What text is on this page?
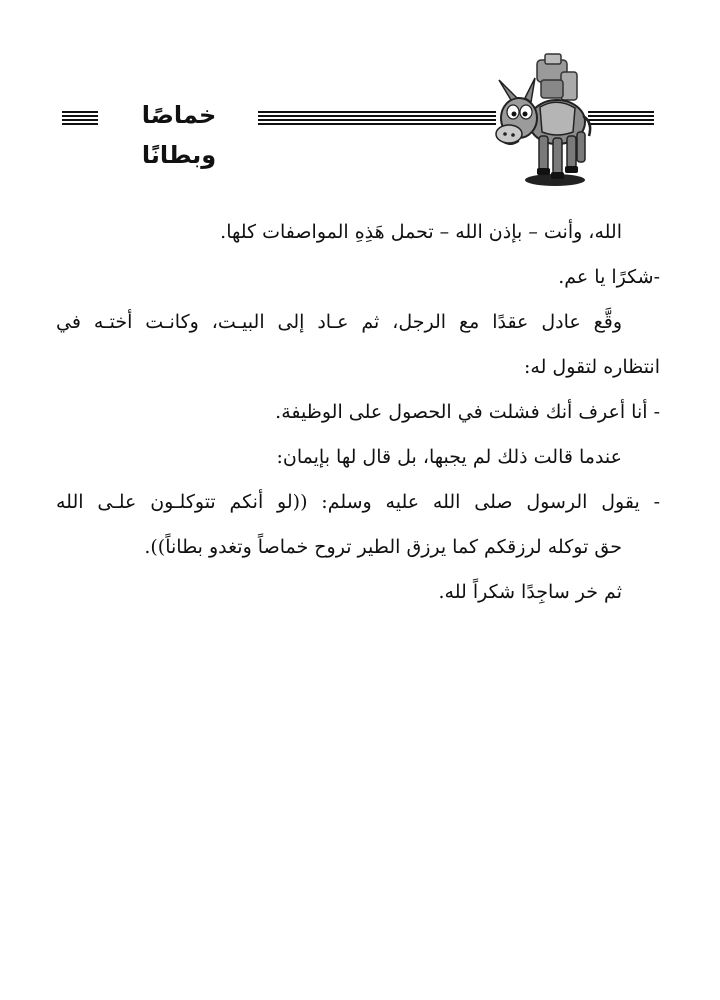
خماصًا وبطانًا
الله، وأنت – بإذن الله – تحمل هَذِهِ المواصفات كلها.
-شكرًا يا عم.
وقَّع عادل عقدًا مع الرجل، ثم عـاد إلى البيـت، وكانـت أختـه في
انتظاره لتقول له:
- أنا أعرف أنك فشلت في الحصول على الوظيفة.
عندما قالت ذلك لم يجبها، بل قال لها بإيمان:
- يقول الرسول صلى الله عليه وسلم: ((لو أنكم تتوكلـون علـى الله
حق توكله لرزقكم كما يرزق الطير تروح خماصاً وتغدو بطاناً)).
ثم خر ساجِدًا شكراً لله.
